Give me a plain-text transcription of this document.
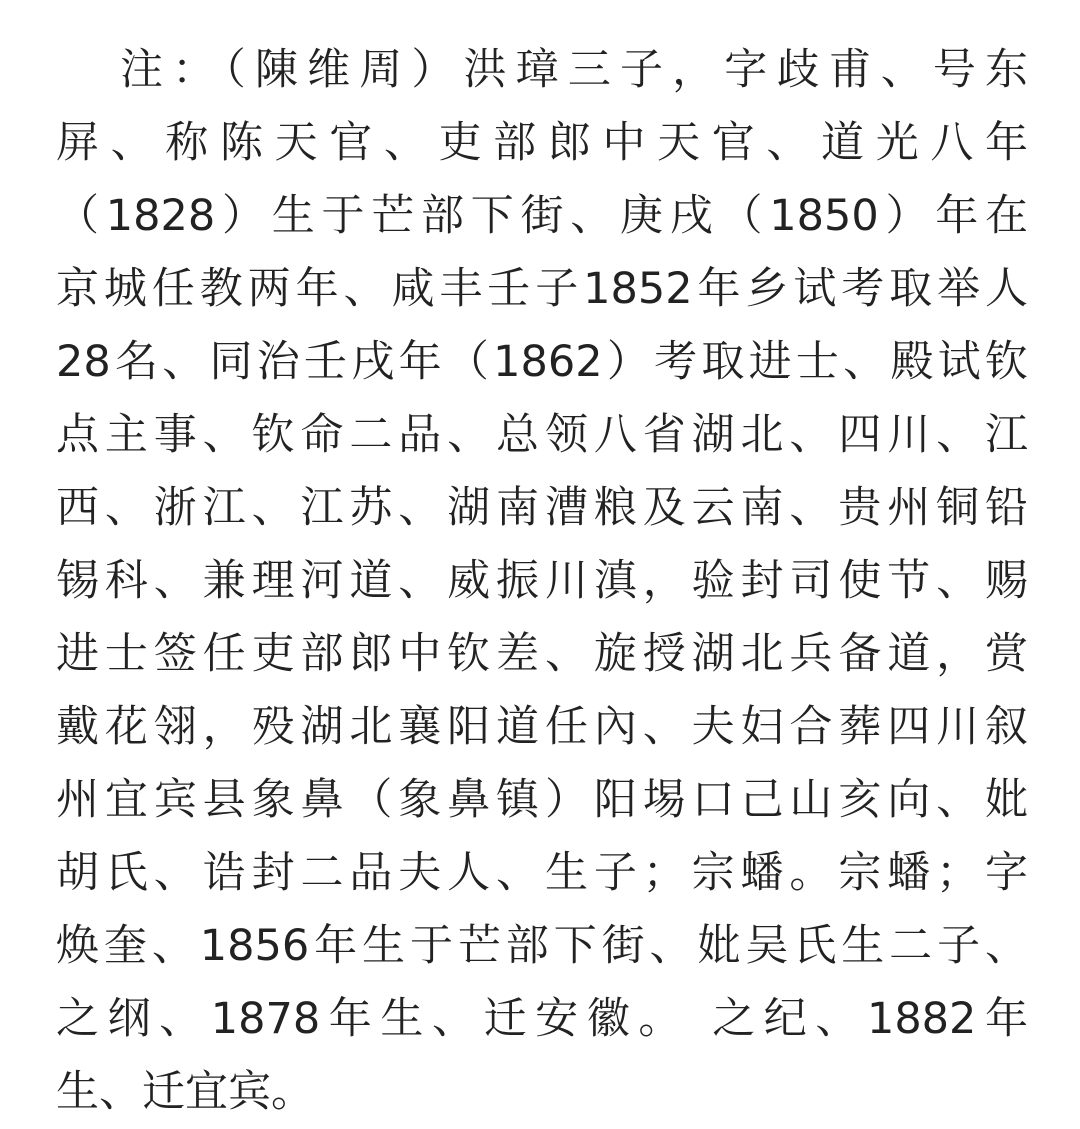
注：（陳维周）洪璋三子，字歧甫、号东
屏、称陈天官、吏部郎中天官、道光八年
（1828）生于芒部下街、庚戌（1850）年在
京城任教两年、咸丰壬子1852年乡试考取举人
28名、同治壬戌年（1862）考取进士、殿试钦
点主事、钦命二品、总领八省湖北、四川、江
西、浙江、江苏、湖南漕粮及云南、贵州铜铅
锡科、兼理河道、威振川滇，验封司使节、赐
进士签任吏部郎中钦差、旋授湖北兵备道，赏
戴花翎，殁湖北襄阳道任內、夫妇合葬四川叙
州宜宾县象鼻（象鼻镇）阳埸口己山亥向、妣
胡氏、诰封二品夫人、生子；宗蟠。宗蟠；字
焕奎、1856年生于芒部下街、妣吴氏生二子、
之纲、1878年生、迁安徽。 之纪、1882年
生、迁宜宾。
